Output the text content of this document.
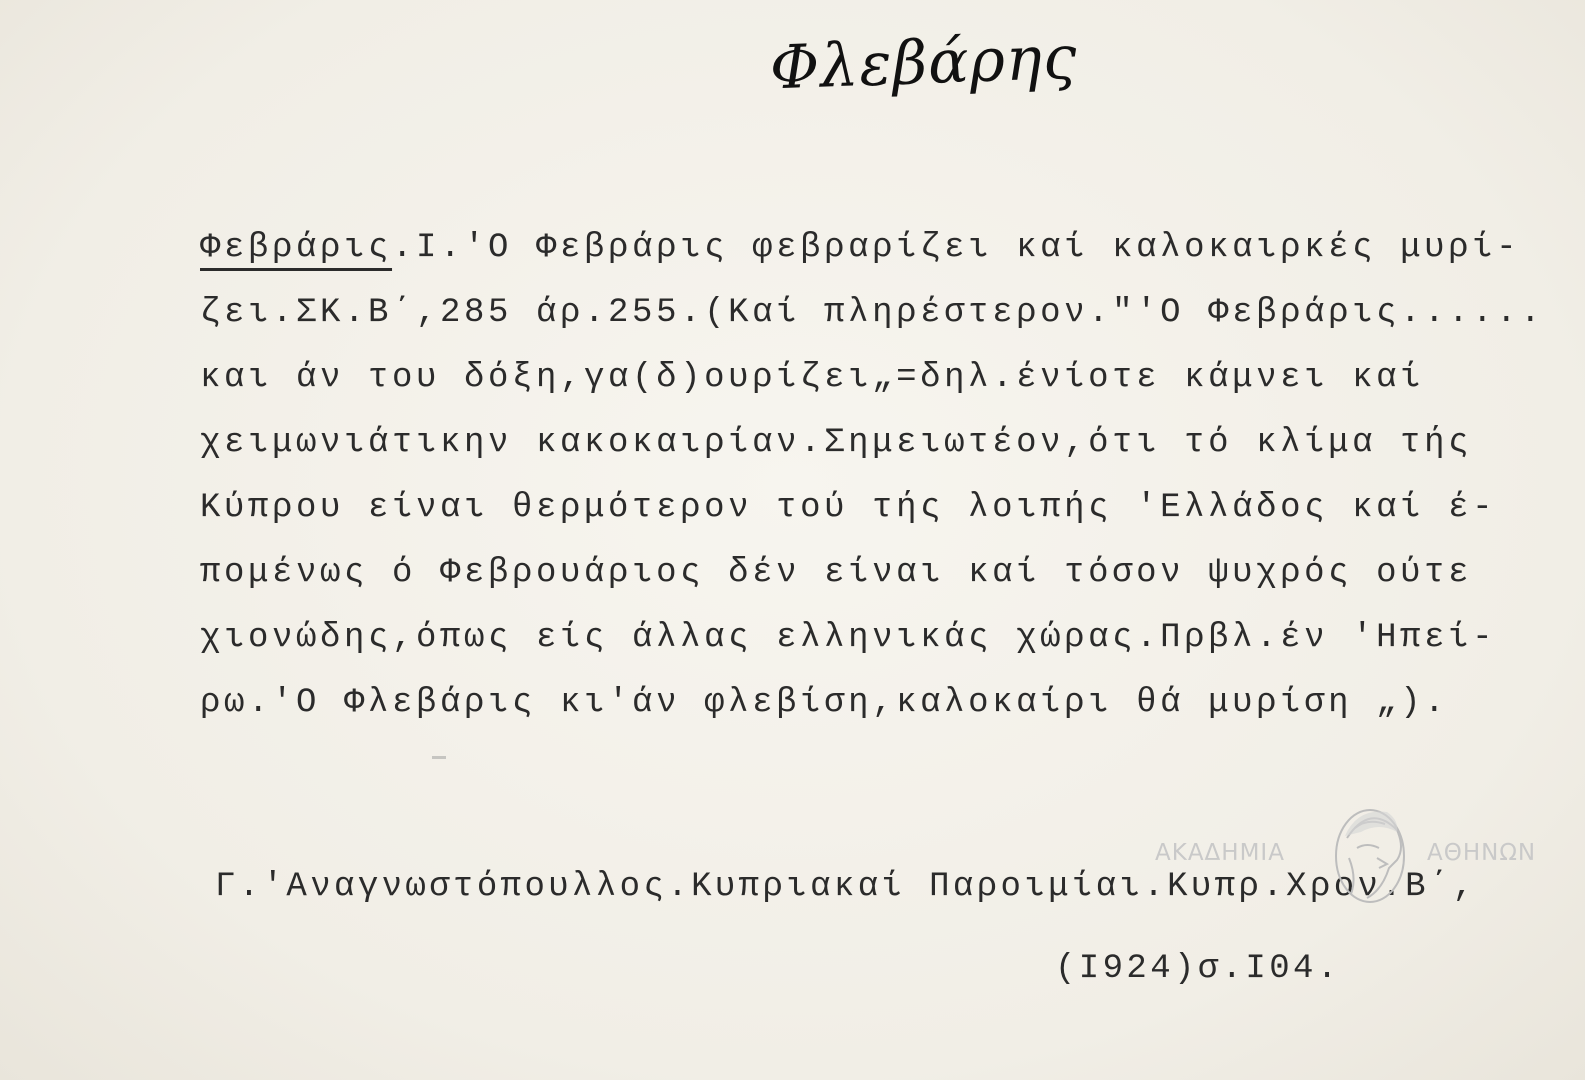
Φλεβάρης
Φεβράρις.Ι.'Ο Φεβράρις φεβραρίζει καί καλοκαιρκές μυρί-
ζει.ΣΚ.Β΄,285 άρ.255.(Καί πληρέστερον."'Ο Φεβράρις......
και άν του δόξη,γα(δ)ουρίζει„=δηλ.ένίοτε κάμνει καί
χειμωνιάτικην κακοκαιρίαν.Σημειωτέον,ότι τό κλίμα τής
Κύπρου είναι θερμότερον τού τής λοιπής 'Ελλάδος καί έ-
πομένως ό Φεβρουάριος δέν είναι καί τόσον ψυχρός ούτε
χιονώδης,όπως είς άλλας ελληνικάς χώρας.Πρβλ.έν 'Ηπεί-
ρω.'Ο Φλεβάρις κι'άν φλεβίση,καλοκαίρι θά μυρίση „).
Γ.'Αναγνωστόπουλλος.Κυπριακαί Παροιμίαι.Κυπρ.Χρον.Β΄,
(Ι924)σ.Ι04.
ΑΚΑΔΗΜΙΑ	ΑΘΗΝΩΝ
